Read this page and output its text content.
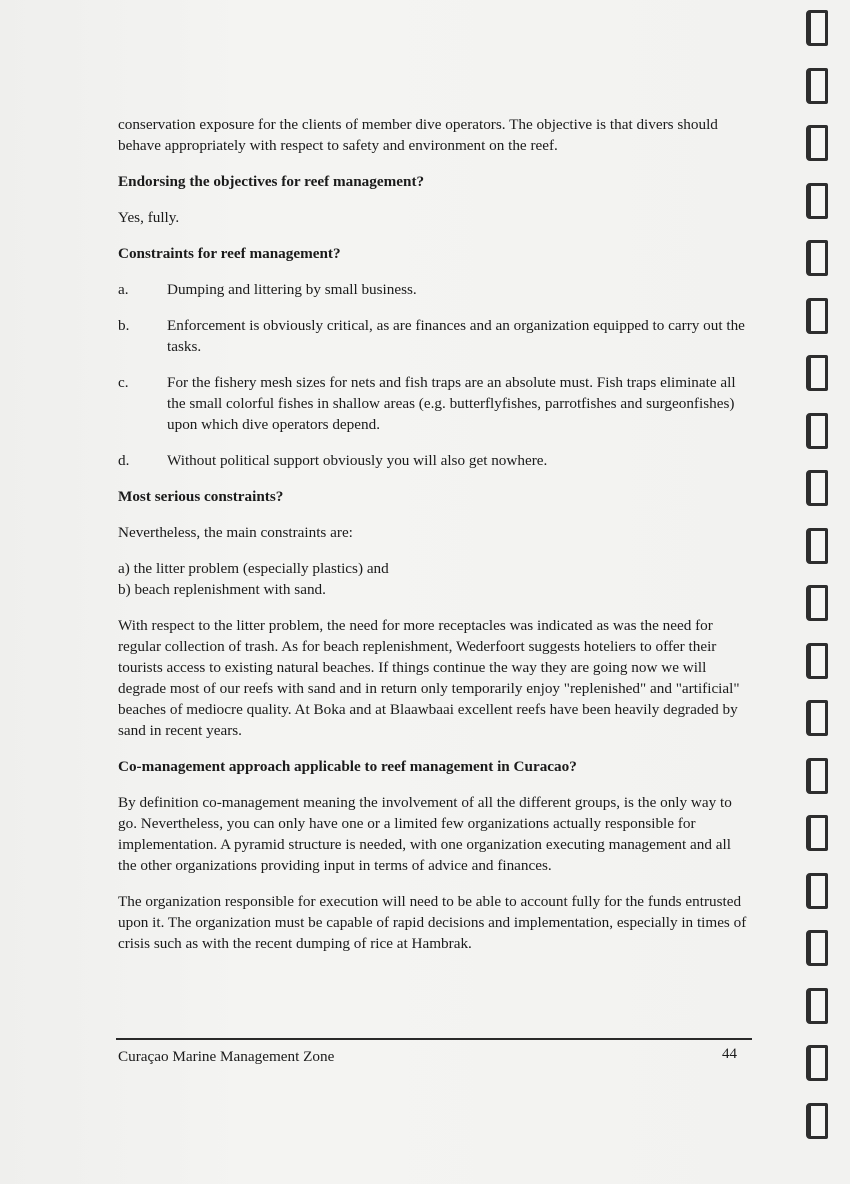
conservation exposure for the clients of member dive operators. The objective is that divers should behave appropriately with respect to safety and environment on the reef.

Endorsing the objectives for reef management?

Yes, fully.

Constraints for reef management?

a.	Dumping and littering by small business.
b.	Enforcement is obviously critical, as are finances and an organization equipped to carry out the tasks.
c.	For the fishery mesh sizes for nets and fish traps are an absolute must. Fish traps eliminate all the small colorful fishes in shallow areas (e.g. butterflyfishes, parrotfishes and surgeonfishes) upon which dive operators depend.
d.	Without political support obviously you will also get nowhere.

Most serious constraints?

Nevertheless, the main constraints are:

a) the litter problem (especially plastics) and

b) beach replenishment with sand.

With respect to the litter problem, the need for more receptacles was indicated as was the need for regular collection of trash. As for beach replenishment, Wederfoort suggests hoteliers to offer their tourists access to existing natural beaches. If things continue the way they are going now we will degrade most of our reefs with sand and in return only temporarily enjoy "replenished" and "artificial" beaches of mediocre quality. At Boka and at Blaawbaai excellent reefs have been heavily degraded by sand in recent years.

Co-management approach applicable to reef management in Curacao?

By definition co-management meaning the involvement of all the different groups, is the only way to go. Nevertheless, you can only have one or a limited few organizations actually responsible for implementation. A pyramid structure is needed, with one organization executing management and all the other organizations providing input in terms of advice and finances.

The organization responsible for execution will need to be able to account fully for the funds entrusted upon it. The organization must be capable of rapid decisions and implementation, especially in times of crisis such as with the recent dumping of rice at Hambrak.

Curaçao Marine Management Zone	44
